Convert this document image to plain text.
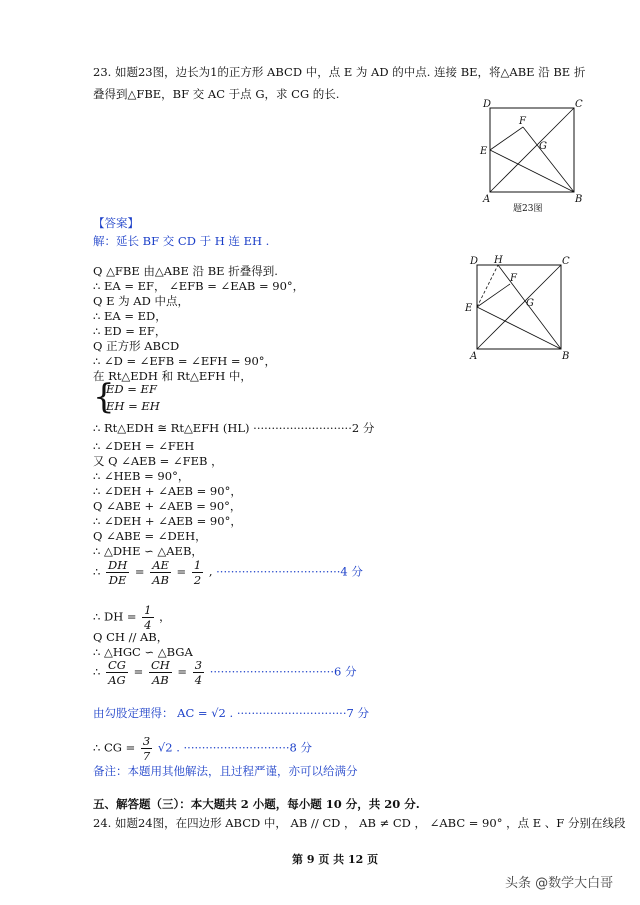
23. 如题23图，边长为1的正方形 ABCD 中，点 E 为 AD 的中点. 连接 BE，将△ABE 沿 BE 折
叠得到△FBE，BF 交 AC 于点 G，求 CG 的长.
D	C
F
G
E
A	B
题23图
【答案】
解：延长 BF 交 CD 于 H 连 EH .
Q △FBE 由△ABE 沿 BE 折叠得到.
∴ EA = EF， ∠EFB = ∠EAB = 90°，
Q E 为 AD 中点，
∴ EA = ED，
∴ ED = EF，
Q 正方形 ABCD
∴ ∠D = ∠EFB = ∠EFH = 90°，
在 Rt△EDH 和 Rt△EFH 中，
D H	C
F
G
E
A	B
{
ED = EF
EH = EH
∴ Rt△EDH ≅ Rt△EFH (HL) ···························2 分
∴ ∠DEH = ∠FEH
又 Q ∠AEB = ∠FEB ，
∴ ∠HEB = 90°，
∴ ∠DEH + ∠AEB = 90°，
Q ∠ABE + ∠AEB = 90°，
∴ ∠DEH + ∠AEB = 90°，
Q ∠ABE = ∠DEH，
∴ △DHE ∽ △AEB，
∴ $\frac{DH}{DE} = \frac{AE}{AB} = \frac{1}{2}$ , ··································4 分
∴ DH = $\frac{1}{4}$ ，
Q CH // AB，
∴ △HGC ∽ △BGA
∴ $\frac{CG}{AG} = \frac{CH}{AB} = \frac{3}{4} \cdot\cdot\cdot\cdot\cdot\cdot\cdot\cdot\cdot\cdot\cdot\cdot\cdot\cdot\cdot\cdot\cdot\cdot\cdot\cdot\cdot\cdot\cdot\cdot\cdot\cdot\cdot\cdot\cdot\cdot\cdot\cdot\cdot\cdot 6$ 分
由勾股定理得： AC = √2 . ······························7 分
∴ CG = $\frac{3}{7} √2$ . ·····························8 分
备注：本题用其他解法，且过程严谨，亦可以给满分
五、解答题（三）：本大题共 2 小题，每小题 10 分，共 20 分.
24. 如题24图，在四边形 ABCD 中， AB // CD ， AB ≠ CD ， ∠ABC = 90° ，点 E 、F 分别在线段
第 9 页 共 12 页
头条 @数学大白哥
